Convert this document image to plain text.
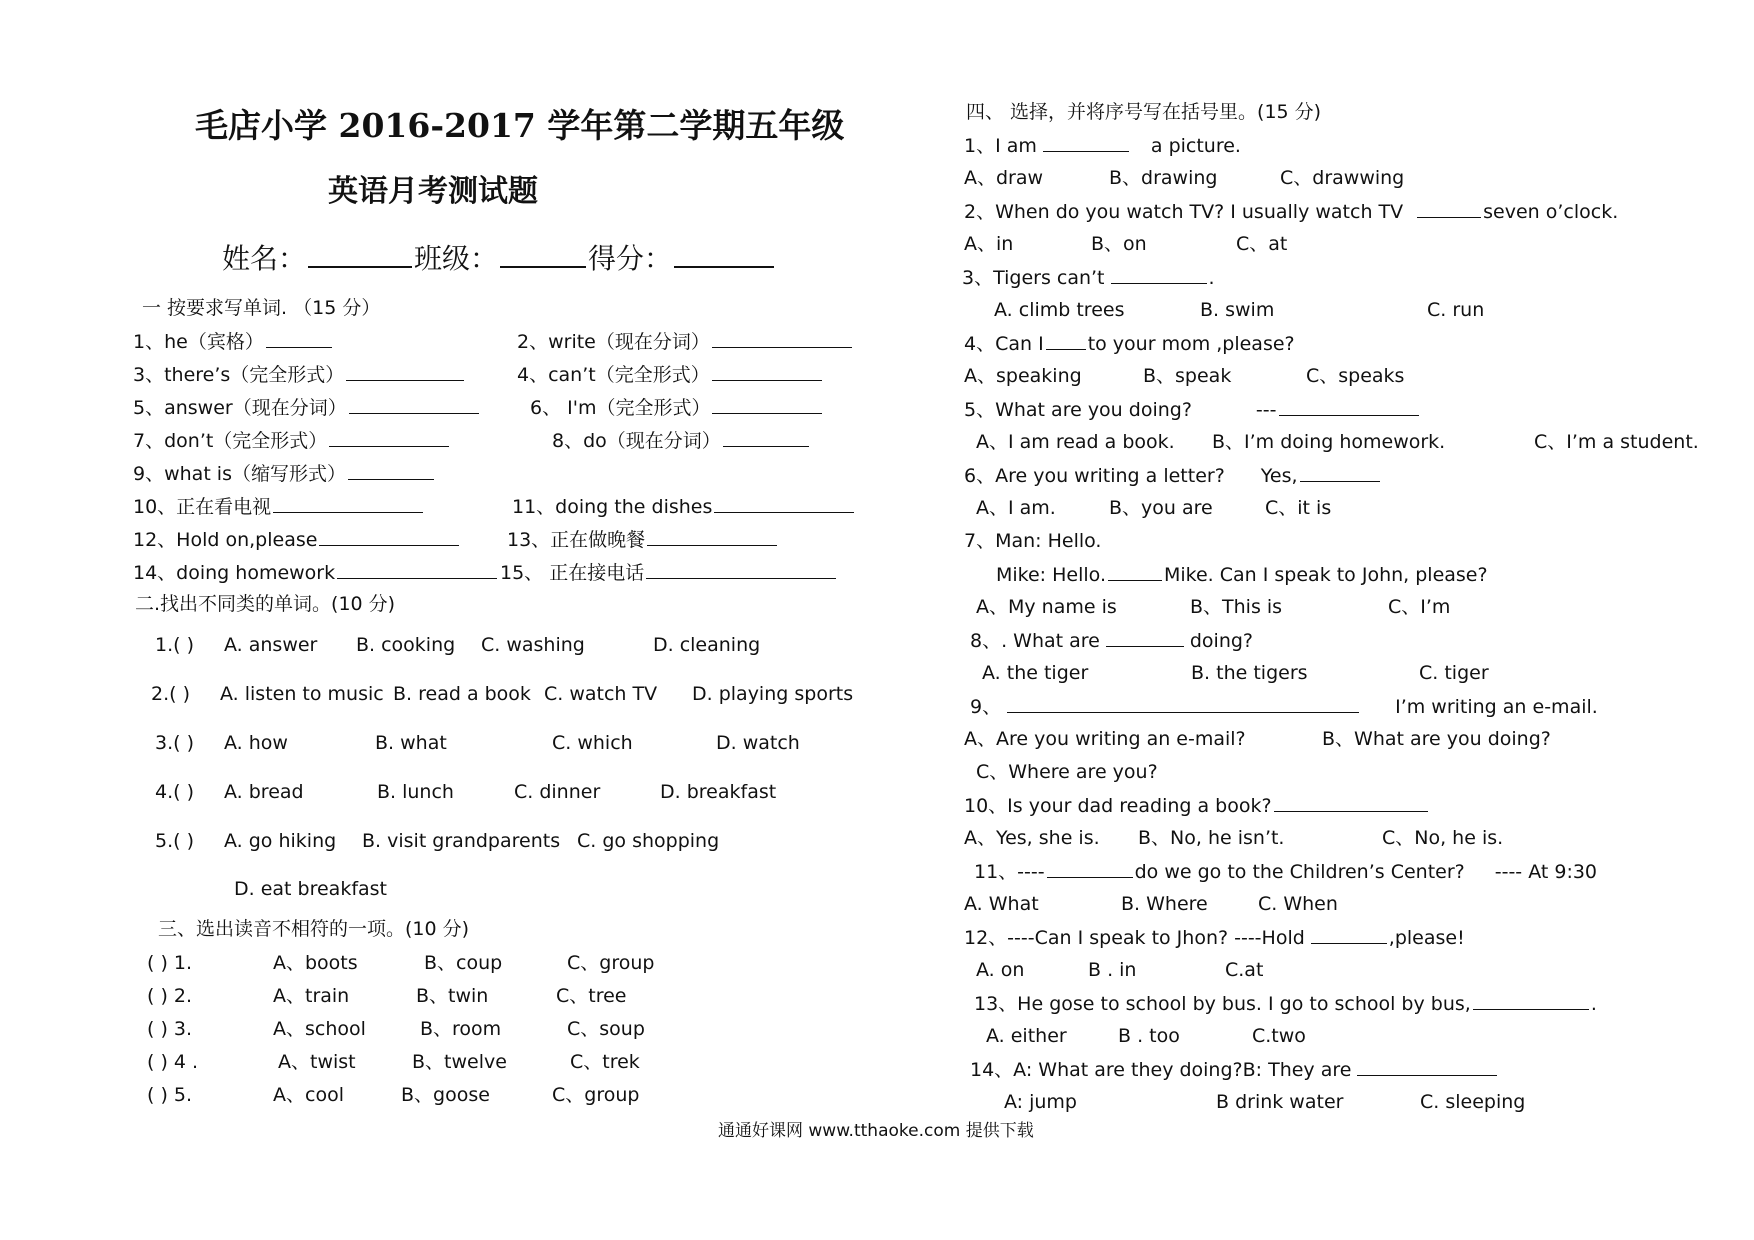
毛店小学 2016-2017 学年第二学期五年级
英语月考测试题
姓名：	班级：	得分：
一 按要求写单词. （15 分）
1、he（宾格）	2、write（现在分词）
3、there’s（完全形式）	4、can’t（完全形式）
5、answer（现在分词）	6、 I'm（完全形式）
7、don’t（完全形式）	8、do（现在分词）
9、what is（缩写形式）
10、正在看电视	11、doing the dishes
12、Hold on,please	13、正在做晚餐
14、doing homework	15、 正在接电话
二.找出不同类的单词。(10 分)
1.( ) A. answer B. cooking C. washing	D. cleaning
2.( ) A. listen to music B. read a book C. watch TV D. playing sports
3.( ) A. how	B. what	C. which	D. watch
4.( ) A. bread	B. lunch	C. dinner	D. breakfast
5.( ) A. go hiking B. visit grandparents C. go shopping
D. eat breakfast
三、选出读音不相符的一项。(10 分)
( ) 1.	A、boots	B、coup	C、group
( ) 2.	A、train	B、twin	C、tree
( ) 3.	A、school	B、room	C、soup
( ) 4 .	A、twist	B、twelve	C、trek
( ) 5.	A、cool	B、goose	C、group
四、 选择，并将序号写在括号里。(15 分)
1、I am	a picture.
A、draw	B、drawing	C、drawwing
2、When do you watch TV? I usually watch TV	seven o’clock.
A、in	B、on	C、at
3、Tigers can’t	.
A. climb trees	B. swim	C. run
4、Can I to your mom ,please?
A、speaking	B、speak	C、speaks
5、What are you doing?	---
A、I am read a book. B、I’m doing homework.	C、I’m a student.
6、Are you writing a letter? Yes,
A、I am.	B、you are	C、it is
7、Man: Hello.
Mike: Hello.	Mike. Can I speak to John, please?
A、My name is	B、This is	C、I’m
8、. What are	doing?
A. the tiger	B. the tigers	C. tiger
9、	I’m writing an e-mail.
A、Are you writing an e-mail?	B、What are you doing?
C、Where are you?
10、Is your dad reading a book?
A、Yes, she is. B、No, he isn’t.	C、No, he is.
11、----	do we go to the Children’s Center? ---- At 9:30
A. What	B. Where	C. When
12、----Can I speak to Jhon? ----Hold	,please!
A. on	B . in	C.at
13、He gose to school by bus. I go to school by bus,	.
A. either	B . too	C.two
14、A: What are they doing?B: They are
A: jump	B drink water	C. sleeping
通通好课网 www.tthaoke.com 提供下载
